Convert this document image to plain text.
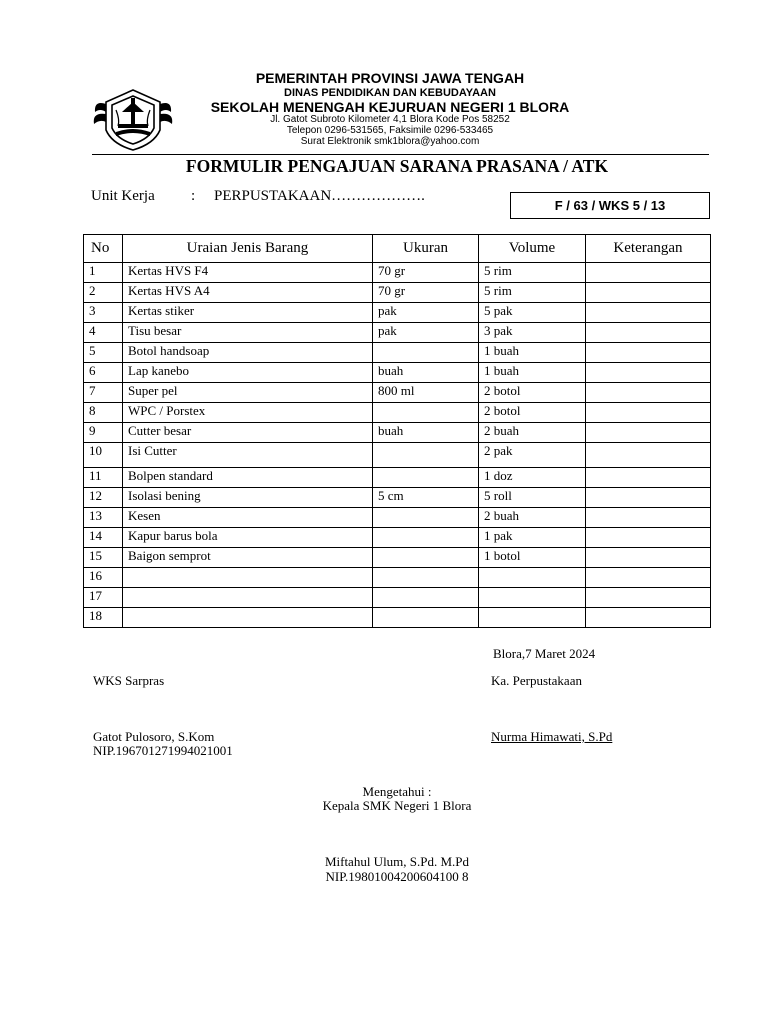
PEMERINTAH PROVINSI JAWA TENGAH
DINAS PENDIDIKAN DAN KEBUDAYAAN
SEKOLAH MENENGAH KEJURUAN NEGERI 1 BLORA
Jl. Gatot Subroto Kilometer 4,1 Blora Kode Pos 58252
Telepon 0296-531565, Faksimile 0296-533465
Surat Elektronik smk1blora@yahoo.com
FORMULIR PENGAJUAN SARANA PRASANA / ATK
Unit Kerja : PERPUSTAKAAN……………….
F / 63 / WKS 5 / 13
No	Uraian Jenis Barang	Ukuran	Volume	Keterangan
1	Kertas HVS F4	70 gr	5 rim	
2	Kertas HVS A4	70 gr	5 rim	
3	Kertas stiker	pak	5 pak	
4	Tisu besar	pak	3 pak	
5	Botol handsoap		1 buah	
6	Lap kanebo	buah	1 buah	
7	Super pel	800 ml	2 botol	
8	WPC / Porstex		2 botol	
9	Cutter besar	buah	2 buah	
10	Isi Cutter		2 pak	
11	Bolpen standard		1 doz	
12	Isolasi bening	5 cm	5 roll	
13	Kesen		2 buah	
14	Kapur barus bola		1 pak	
15	Baigon semprot		1 botol	
16				
17				
18				
Blora,7 Maret 2024
WKS Sarpras	Ka. Perpustakaan
Gatot Pulosoro, S.Kom
NIP.196701271994021001
Nurma Himawati, S.Pd
Mengetahui :
Kepala SMK Negeri 1 Blora
Miftahul Ulum, S.Pd. M.Pd
NIP.19801004200604100 8
